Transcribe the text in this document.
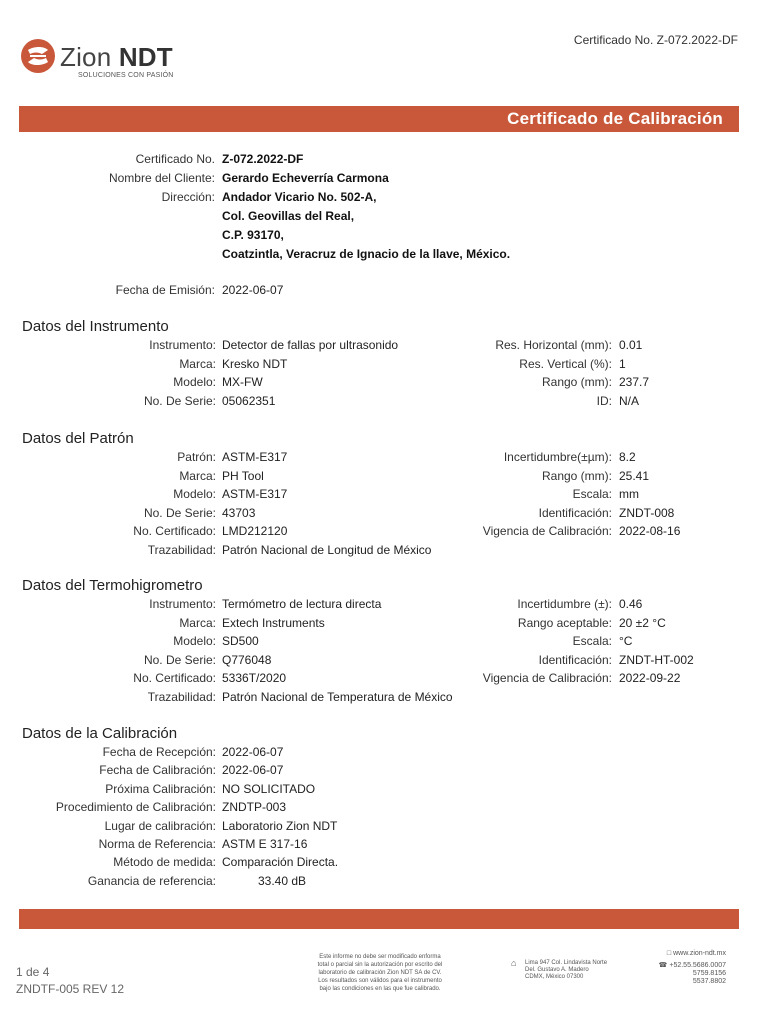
Zion NDT
SOLUCIONES CON PASIÓN
Certificado No. Z-072.2022-DF
Certificado de Calibración
Certificado No. Z-072.2022-DF
Nombre del Cliente: Gerardo Echeverría Carmona
Dirección: Andador Vicario No. 502-A,
Col. Geovillas del Real,
C.P. 93170,
Coatzintla, Veracruz de Ignacio de la llave, México.
Fecha de Emisión: 2022-06-07
Datos del Instrumento
Datos del Patrón
Datos del Termohigrometro
Datos de la Calibración
Instrumento: Detector de fallas por ultrasonido
Marca: Kresko NDT
Modelo: MX-FW
No. De Serie: 05062351
Res. Horizontal (mm): 0.01
Res. Vertical (%): 1
Rango (mm): 237.7
ID: N/A
Patrón: ASTM-E317
Marca: PH Tool
Modelo: ASTM-E317
No. De Serie: 43703
No. Certificado: LMD212120
Trazabilidad: Patrón Nacional de Longitud de México
Incertidumbre(±µm): 8.2
Rango (mm): 25.41
Escala: mm
Identificación: ZNDT-008
Vigencia de Calibración: 2022-08-16
Instrumento: Termómetro de lectura directa
Marca: Extech Instruments
Modelo: SD500
No. De Serie: Q776048
No. Certificado: 5336T/2020
Trazabilidad: Patrón Nacional de Temperatura de México
Incertidumbre (±): 0.46
Rango aceptable: 20 ±2 °C
Escala: °C
Identificación: ZNDT-HT-002
Vigencia de Calibración: 2022-09-22
Fecha de Recepción: 2022-06-07
Fecha de Calibración: 2022-06-07
Próxima Calibración: NO SOLICITADO
Procedimiento de Calibración: ZNDTP-003
Lugar de calibración: Laboratorio Zion NDT
Norma de Referencia: ASTM E 317-16
Método de medida: Comparación Directa.
Ganancia de referencia:	33.40 dB
1 de 4
ZNDTF-005 REV 12
Este informe no debe ser modificado enforma
total o parcial sin la autorización por escrito del
laboratorio de calibración Zion NDT SA de CV.
Los resultados son válidos para el instrumento
bajo las condiciones en las que fue calibrado.
⌂ Lima 947 Col. Lindavista Norte
Del. Gustavo A. Madero
CDMX, México 07300
□ www.zion-ndt.mx
☎ +52.55.5686.0007
5759.8156
5537.8802
